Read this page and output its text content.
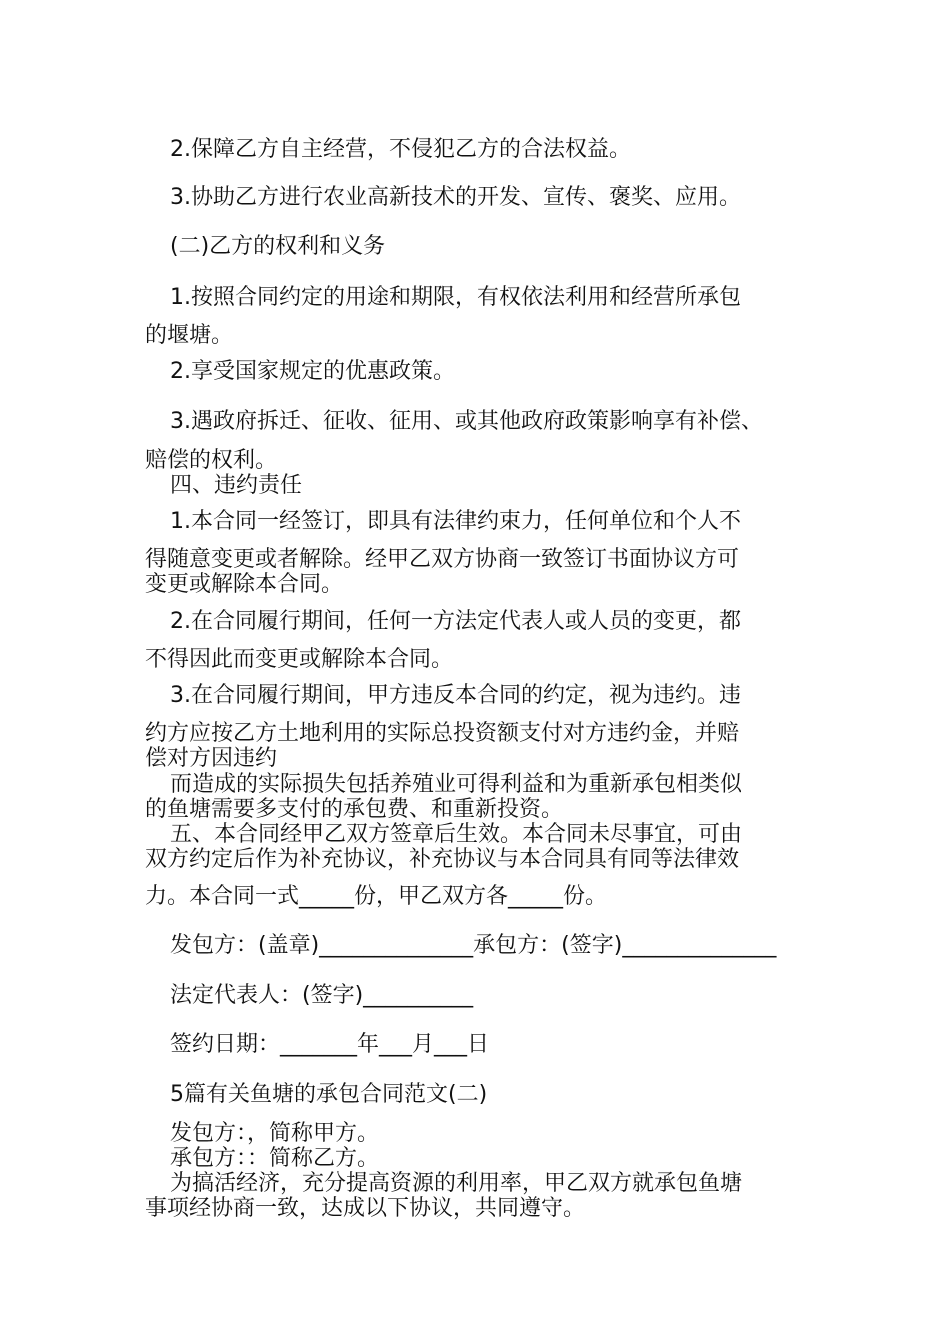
2.保障乙方自主经营，不侵犯乙方的合法权益。
3.协助乙方进行农业高新技术的开发、宣传、褒奖、应用。
(二)乙方的权利和义务
1.按照合同约定的用途和期限，有权依法利用和经营所承包
的堰塘。
2.享受国家规定的优惠政策。
3.遇政府拆迁、征收、征用、或其他政府政策影响享有补偿、
赔偿的权利。
四、违约责任
1.本合同一经签订，即具有法律约束力，任何单位和个人不
得随意变更或者解除。经甲乙双方协商一致签订书面协议方可
变更或解除本合同。
2.在合同履行期间，任何一方法定代表人或人员的变更，都
不得因此而变更或解除本合同。
3.在合同履行期间，甲方违反本合同的约定，视为违约。违
约方应按乙方土地利用的实际总投资额支付对方违约金，并赔
偿对方因违约
而造成的实际损失包括养殖业可得利益和为重新承包相类似
的鱼塘需要多支付的承包费、和重新投资。
五、本合同经甲乙双方签章后生效。本合同未尽事宜，可由
双方约定后作为补充协议，补充协议与本合同具有同等法律效
力。本合同一式_____份，甲乙双方各_____份。
发包方：(盖章)______________承包方：(签字)______________
法定代表人：(签字)__________
签约日期：_______年___月___日
5篇有关鱼塘的承包合同范文(二)
发包方：，简称甲方。
承包方：：简称乙方。
为搞活经济，充分提高资源的利用率，甲乙双方就承包鱼塘
事项经协商一致，达成以下协议，共同遵守。
